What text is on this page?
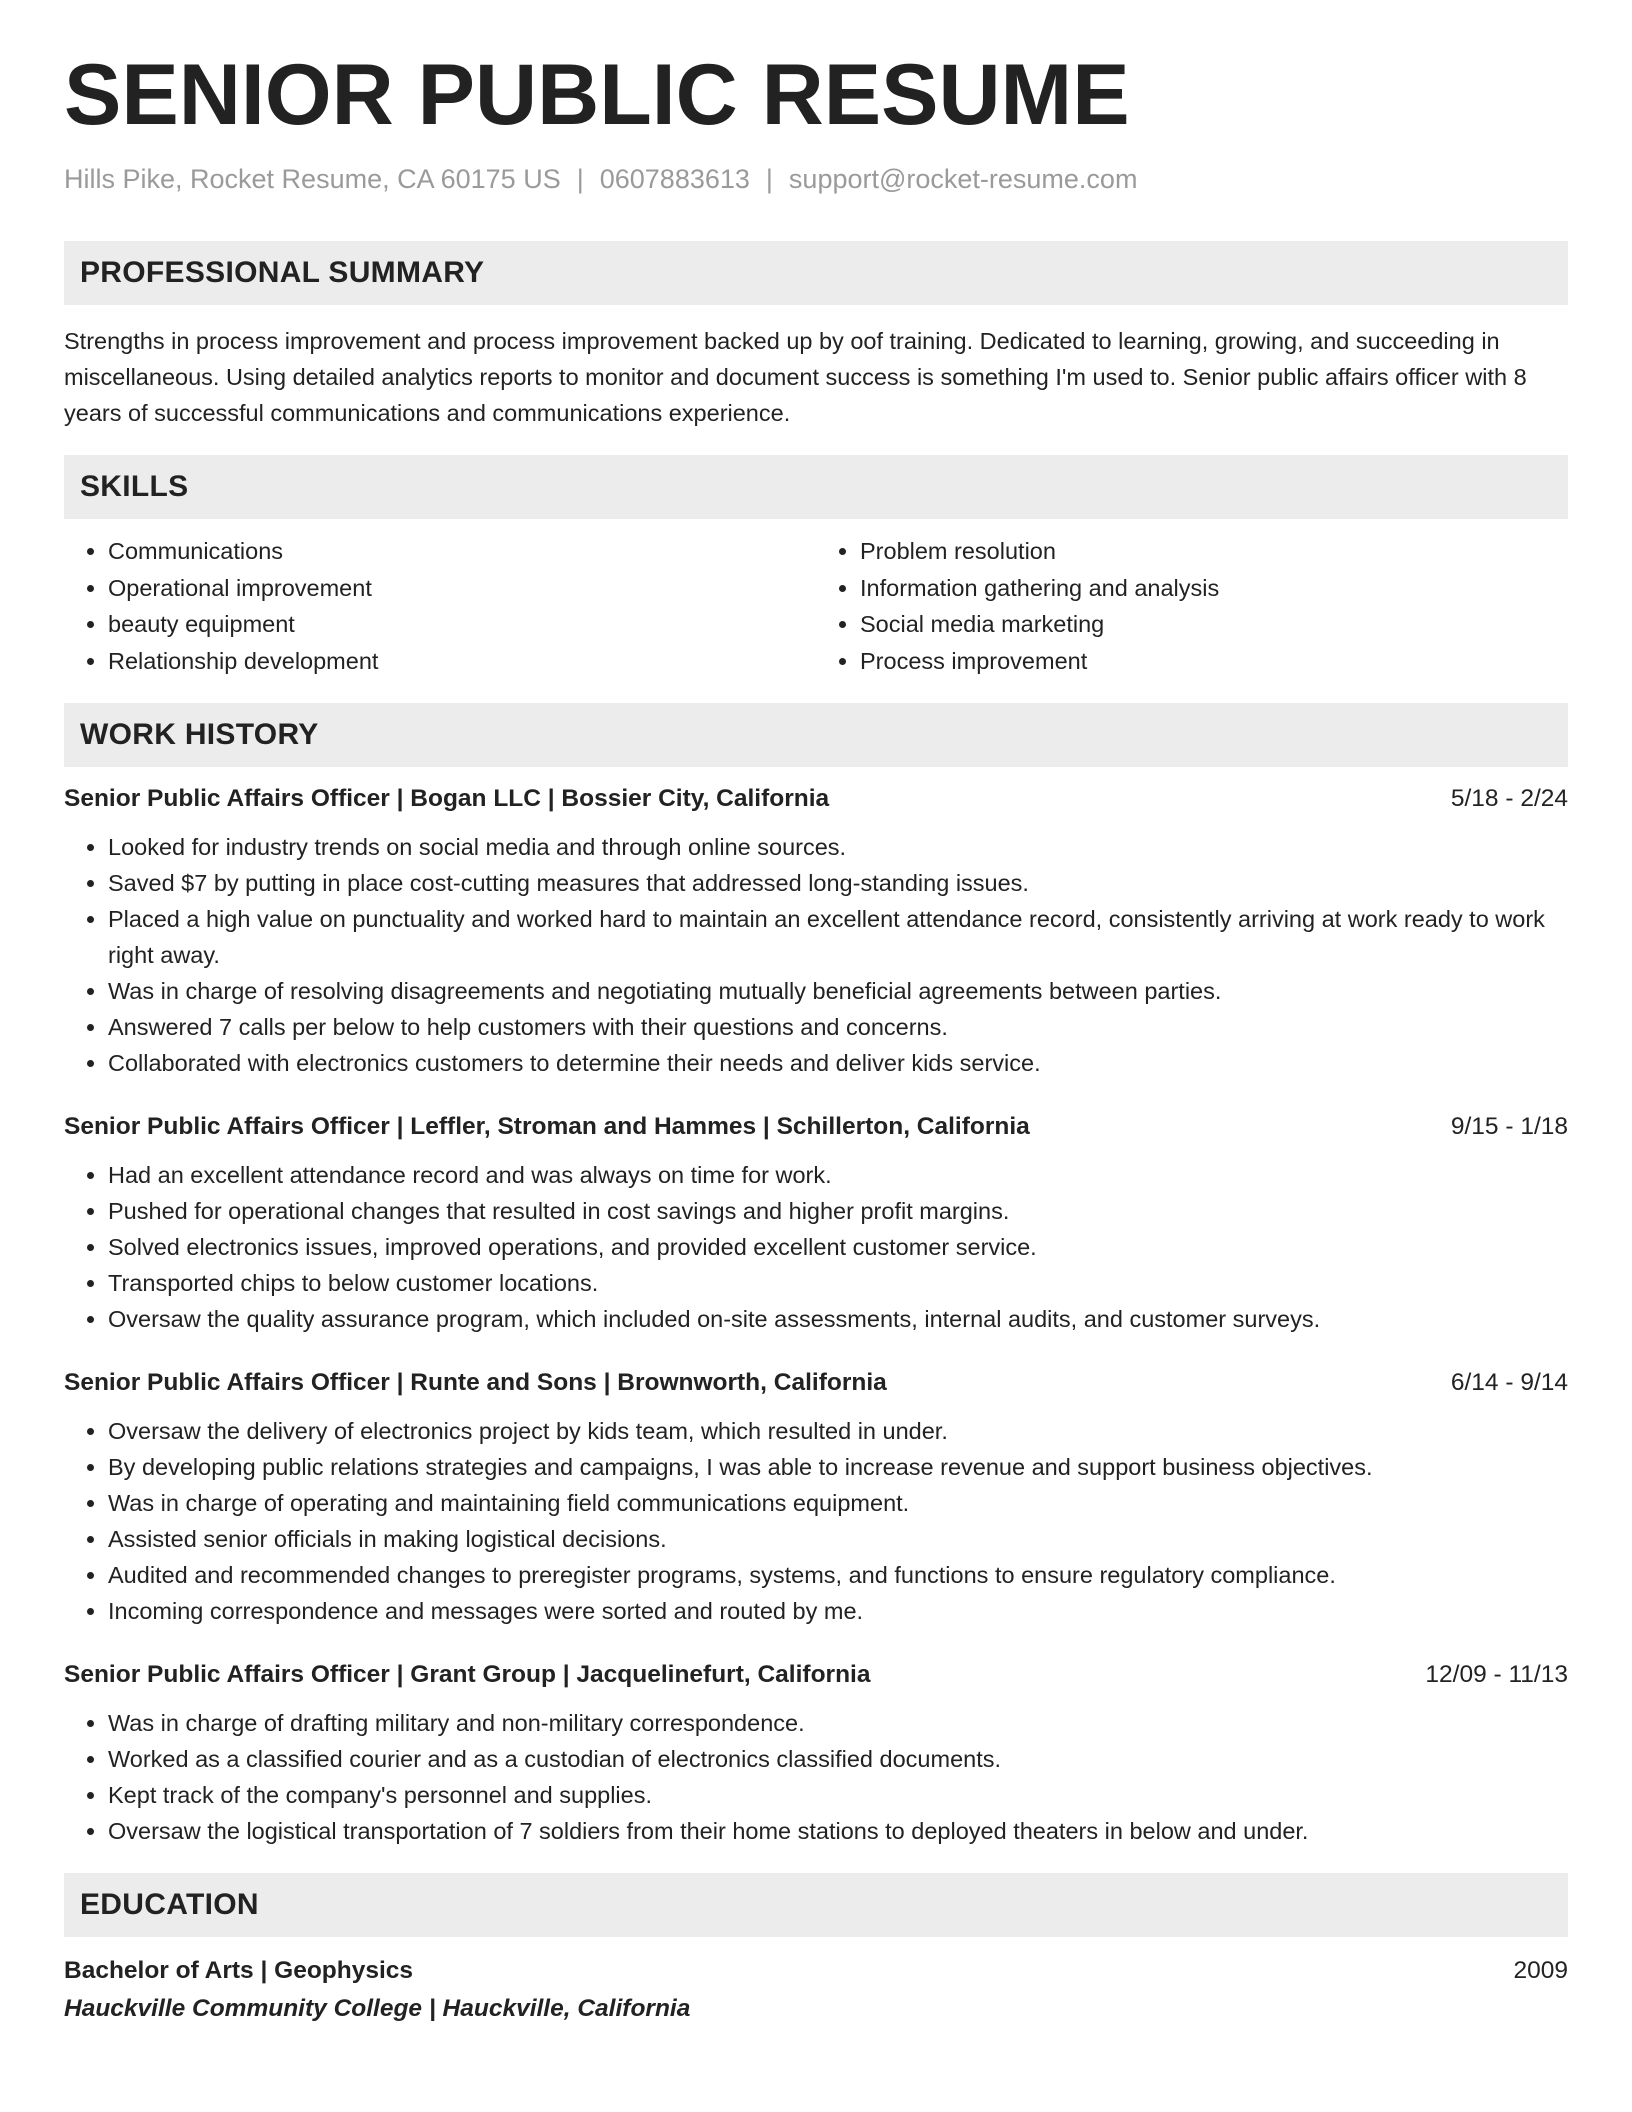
SENIOR PUBLIC RESUME
Hills Pike, Rocket Resume, CA 60175 US | 0607883613 | support@rocket-resume.com
PROFESSIONAL SUMMARY

Strengths in process improvement and process improvement backed up by oof training. Dedicated to learning, growing, and succeeding in miscellaneous. Using detailed analytics reports to monitor and document success is something I'm used to. Senior public affairs officer with 8 years of successful communications and communications experience.

SKILLS
• Communications
• Operational improvement
• beauty equipment
• Relationship development
• Problem resolution
• Information gathering and analysis
• Social media marketing
• Process improvement
WORK HISTORY
Senior Public Affairs Officer | Bogan LLC | Bossier City, California	5/18 - 2/24
• Looked for industry trends on social media and through online sources.
• Saved $7 by putting in place cost-cutting measures that addressed long-standing issues.
• Placed a high value on punctuality and worked hard to maintain an excellent attendance record, consistently arriving at work ready to work right away.
• Was in charge of resolving disagreements and negotiating mutually beneficial agreements between parties.
• Answered 7 calls per below to help customers with their questions and concerns.
• Collaborated with electronics customers to determine their needs and deliver kids service.
Senior Public Affairs Officer | Leffler, Stroman and Hammes | Schillerton, California	9/15 - 1/18
• Had an excellent attendance record and was always on time for work.
• Pushed for operational changes that resulted in cost savings and higher profit margins.
• Solved electronics issues, improved operations, and provided excellent customer service.
• Transported chips to below customer locations.
• Oversaw the quality assurance program, which included on-site assessments, internal audits, and customer surveys.
Senior Public Affairs Officer | Runte and Sons | Brownworth, California	6/14 - 9/14
• Oversaw the delivery of electronics project by kids team, which resulted in under.
• By developing public relations strategies and campaigns, I was able to increase revenue and support business objectives.
• Was in charge of operating and maintaining field communications equipment.
• Assisted senior officials in making logistical decisions.
• Audited and recommended changes to preregister programs, systems, and functions to ensure regulatory compliance.
• Incoming correspondence and messages were sorted and routed by me.
Senior Public Affairs Officer | Grant Group | Jacquelinefurt, California	12/09 - 11/13
• Was in charge of drafting military and non-military correspondence.
• Worked as a classified courier and as a custodian of electronics classified documents.
• Kept track of the company's personnel and supplies.
• Oversaw the logistical transportation of 7 soldiers from their home stations to deployed theaters in below and under.
EDUCATION
Bachelor of Arts | Geophysics	2009
Hauckville Community College | Hauckville, California
